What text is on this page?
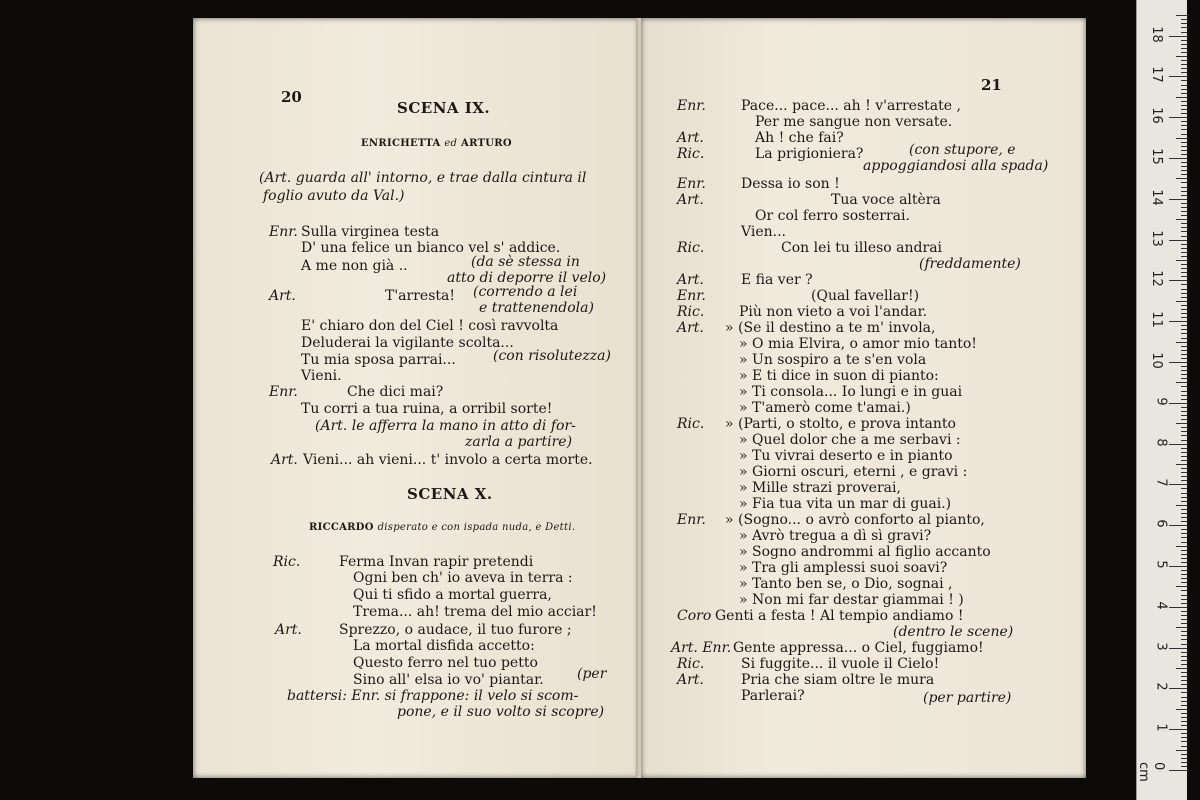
20
SCENA IX.
ENRICHETTA ed ARTURO
(Art. guarda all' intorno, e trae dalla cintura il
foglio avuto da Val.)
Enr. Sulla virginea testa
D' una felice un bianco vel s' addice.
A me non già ..	(da sè stessa in
atto di deporre il velo)
Art.	T'arresta! (correndo a lei
e trattenendola)
E' chiaro don del Ciel ! così ravvolta
Deluderai la vigilante scolta...
Tu mia sposa parrai...	(con risolutezza)
Vieni.
Enr.	Che dici mai?
Tu corri a tua ruina, a orribil sorte!
(Art. le afferra la mano in atto di for-
zarla a partire)
Art. Vieni... ah vieni... t' involo a certa morte.
SCENA X.
RICCARDO disperato e con ispada nuda, e Detti.
Ric.	Ferma Invan rapir pretendi
Ogni ben ch' io aveva in terra :
Qui ti sfido a mortal guerra,
Trema... ah! trema del mio acciar!
Art.	Sprezzo, o audace, il tuo furore ;
La mortal disfida accetto:
Questo ferro nel tuo petto
Sino all' elsa io vo' piantar. (per
battersi: Enr. si frappone: il velo si scom-
pone, e il suo volto si scopre)
21
Enr.	Pace... pace... ah ! v'arrestate ,
Per me sangue non versate.
Art.	Ah ! che fai?
Ric.	La prigioniera?	(con stupore, e
appoggiandosi alla spada)
Enr.	Dessa io son !
Art.	Tua voce altèra
Or col ferro sosterrai.
Vien...
Ric.	Con lei tu illeso andrai
(freddamente)
Art.	E fia ver ?
Enr.	(Qual favellar!)
Ric. Più non vieto a voi l'andar.
Art. » (Se il destino a te m' invola,
» O mia Elvira, o amor mio tanto!
» Un sospiro a te s'en vola
» E ti dice in suon di pianto:
» Ti consola... Io lungi e in guai
» T'amerò come t'amai.)
Ric. » (Parti, o stolto, e prova intanto
» Quel dolor che a me serbavi :
» Tu vivrai deserto e in pianto
» Giorni oscuri, eterni , e gravi :
» Mille strazi proverai,
» Fia tua vita un mar di guai.)
Enr. » (Sogno... o avrò conforto al pianto,
» Avrò tregua a dì sì gravi?
» Sogno andrommi al figlio accanto
» Tra gli amplessi suoi soavi?
» Tanto ben se, o Dio, sognai ,
» Non mi far destar giammai ! )
Coro Genti a festa ! Al tempio andiamo !
(dentro le scene)
Art. Enr. Gente appressa... o Ciel, fuggiamo!
Ric.	Si fuggite... il vuole il Cielo!
Art.	Pria che siam oltre le mura
Parlerai?	(per partire)
0 cm
1
2
3
4
5
6
7
8
9
10
11
12
13
14
15
16
17
18
